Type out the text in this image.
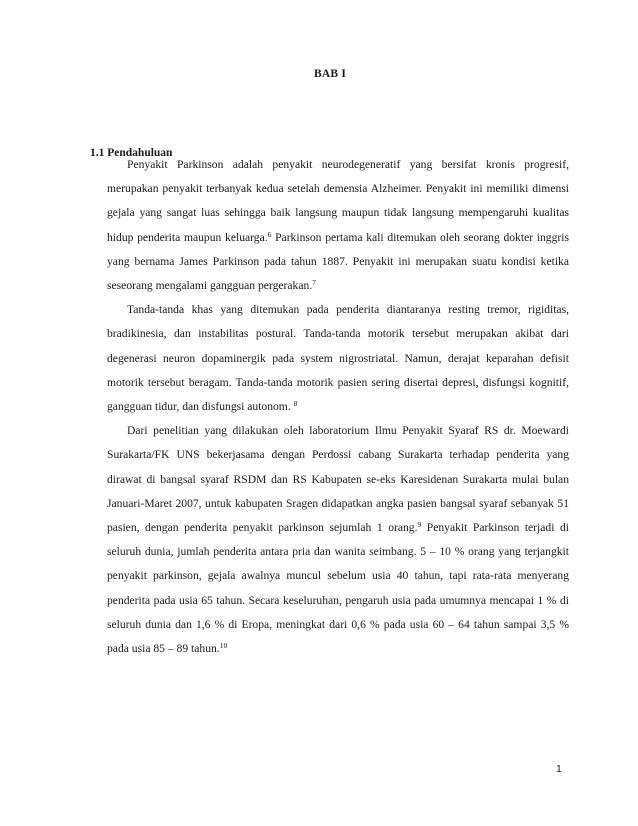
BAB I
1.1 Pendahuluan

Penyakit Parkinson adalah penyakit neurodegeneratif yang bersifat kronis progresif, merupakan penyakit terbanyak kedua setelah demensia Alzheimer. Penyakit ini memiliki dimensi gejala yang sangat luas sehingga baik langsung maupun tidak langsung mempengaruhi kualitas hidup penderita maupun keluarga.$^6$ Parkinson pertama kali ditemukan oleh seorang dokter inggris yang bernama James Parkinson pada tahun 1887. Penyakit ini merupakan suatu kondisi ketika seseorang mengalami gangguan pergerakan.$^7$

Tanda-tanda khas yang ditemukan pada penderita diantaranya resting tremor, rigiditas, bradikinesia, dan instabilitas postural. Tanda-tanda motorik tersebut merupakan akibat dari degenerasi neuron dopaminergik pada system nigrostriatal. Namun, derajat keparahan defisit motorik tersebut beragam. Tanda-tanda motorik pasien sering disertai depresi, disfungsi kognitif, gangguan tidur, dan disfungsi autonom. $^8$

Dari penelitian yang dilakukan oleh laboratorium Ilmu Penyakit Syaraf RS dr. Moewardi Surakarta/FK UNS bekerjasama dengan Perdossi cabang Surakarta terhadap penderita yang dirawat di bangsal syaraf RSDM dan RS Kabupaten se-eks Karesidenan Surakarta mulai bulan Januari-Maret 2007, untuk kabupaten Sragen didapatkan angka pasien bangsal syaraf sebanyak 51 pasien, dengan penderita penyakit parkinson sejumlah 1 orang.$^9$ Penyakit Parkinson terjadi di seluruh dunia, jumlah penderita antara pria dan wanita seimbang. 5 – 10 % orang yang terjangkit penyakit parkinson, gejala awalnya muncul sebelum usia 40 tahun, tapi rata-rata menyerang penderita pada usia 65 tahun. Secara keseluruhan, pengaruh usia pada umumnya mencapai 1 % di seluruh dunia dan 1,6 % di Eropa, meningkat dari 0,6 % pada usia 60 – 64 tahun sampai 3,5 % pada usia 85 – 89 tahun.$^{10}$

1
